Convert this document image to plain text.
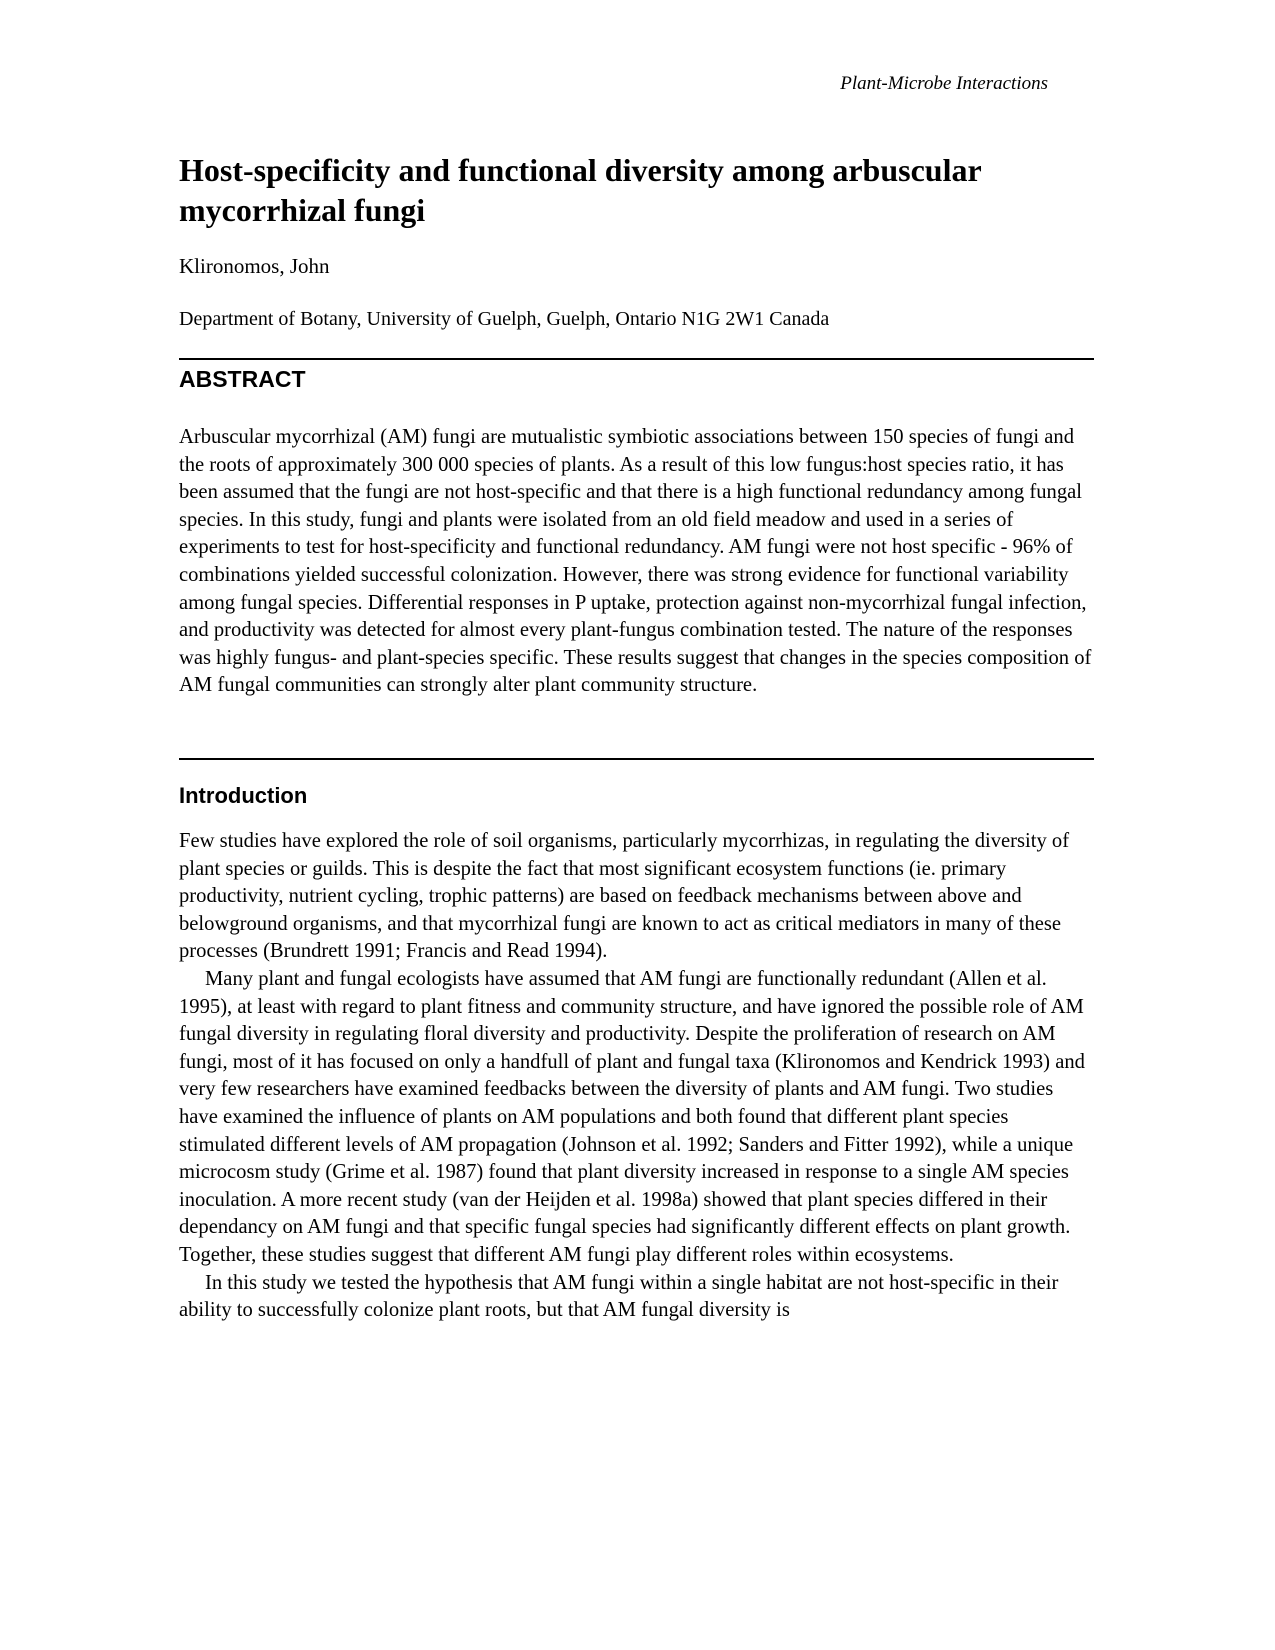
Plant-Microbe Interactions
Host-specificity and functional diversity among arbuscular mycorrhizal fungi
Klironomos, John
Department of Botany, University of Guelph, Guelph, Ontario N1G 2W1 Canada
ABSTRACT
Arbuscular mycorrhizal (AM) fungi are mutualistic symbiotic associations between 150 species of fungi and the roots of approximately 300 000 species of plants. As a result of this low fungus:host species ratio, it has been assumed that the fungi are not host-specific and that there is a high functional redundancy among fungal species. In this study, fungi and plants were isolated from an old field meadow and used in a series of experiments to test for host-specificity and functional redundancy. AM fungi were not host specific - 96% of combinations yielded successful colonization. However, there was strong evidence for functional variability among fungal species. Differential responses in P uptake, protection against non-mycorrhizal fungal infection, and productivity was detected for almost every plant-fungus combination tested. The nature of the responses was highly fungus- and plant-species specific. These results suggest that changes in the species composition of AM fungal communities can strongly alter plant community structure.
Introduction

Few studies have explored the role of soil organisms, particularly mycorrhizas, in regulating the diversity of plant species or guilds. This is despite the fact that most significant ecosystem functions (ie. primary productivity, nutrient cycling, trophic patterns) are based on feedback mechanisms between above and belowground organisms, and that mycorrhizal fungi are known to act as critical mediators in many of these processes (Brundrett 1991; Francis and Read 1994).

Many plant and fungal ecologists have assumed that AM fungi are functionally redundant (Allen et al. 1995), at least with regard to plant fitness and community structure, and have ignored the possible role of AM fungal diversity in regulating floral diversity and productivity. Despite the proliferation of research on AM fungi, most of it has focused on only a handfull of plant and fungal taxa (Klironomos and Kendrick 1993) and very few researchers have examined feedbacks between the diversity of plants and AM fungi. Two studies have examined the influence of plants on AM populations and both found that different plant species stimulated different levels of AM propagation (Johnson et al. 1992; Sanders and Fitter 1992), while a unique microcosm study (Grime et al. 1987) found that plant diversity increased in response to a single AM species inoculation. A more recent study (van der Heijden et al. 1998a) showed that plant species differed in their dependancy on AM fungi and that specific fungal species had significantly different effects on plant growth. Together, these studies suggest that different AM fungi play different roles within ecosystems.

In this study we tested the hypothesis that AM fungi within a single habitat are not host-specific in their ability to successfully colonize plant roots, but that AM fungal diversity is
